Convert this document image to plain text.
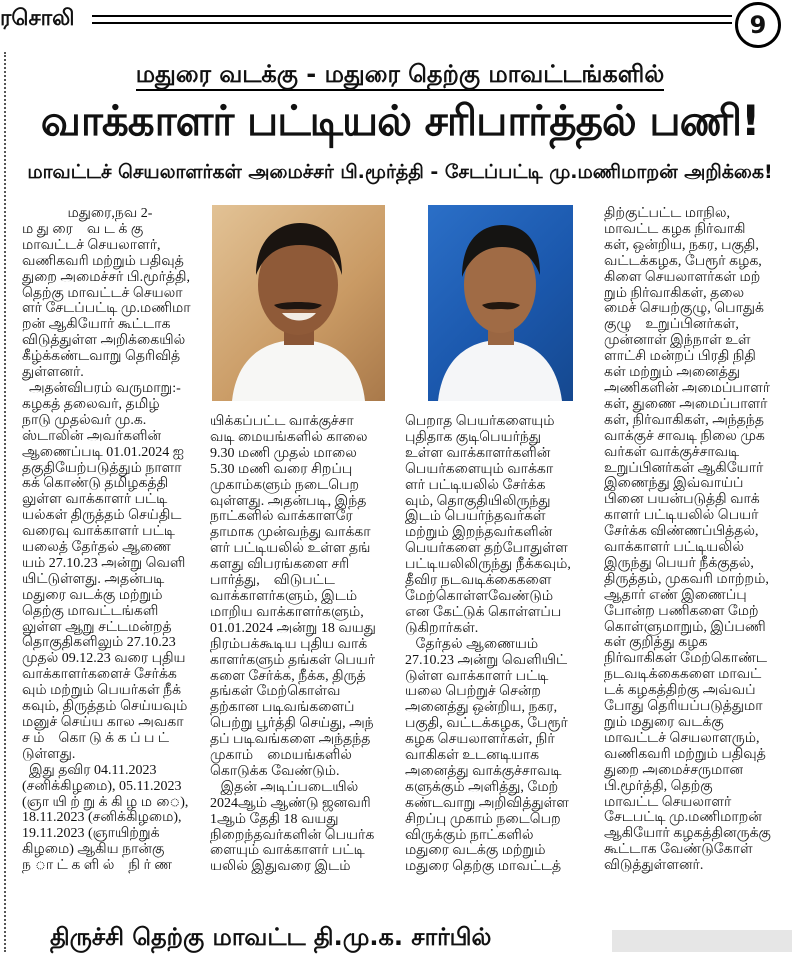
ரசொலி	9
மதுரை வடக்கு - மதுரை தெற்கு மாவட்டங்களில்
வாக்காளர் பட்டியல் சரிபார்த்தல் பணி!
மாவட்டச் செயலாளர்கள் அமைச்சர் பி.மூர்த்தி - சேடப்பட்டி மு.மணிமாறன் அறிக்கை!
மதுரை,நவ 2-
ம து ரை    வ ட க் கு
மாவட்டச் செயலாளர்,
வணிகவரி மற்றும் பதிவுத்
துறை அமைச்சர் பி.மூர்த்தி,
தெற்கு மாவட்டச் செயலா
ளர் சேடப்பட்டி மு.மணிமா
றன் ஆகியோர் கூட்டாக
விடுத்துள்ள அறிக்கையில்
கீழ்க்கண்டவாறு தெரிவித்
துள்ளனர்.
அதன்விபரம் வருமாறு:-
கழகத் தலைவர், தமிழ்
நாடு முதல்வர் மு.க.
ஸ்டாலின் அவர்களின்
ஆணைப்படி 01.01.2024 ஐ
தகுதியேற்படுத்தும் நாளா
கக் கொண்டு தமிழகத்தி
லுள்ள வாக்காளர் பட்டி
யல்கள் திருத்தம் செய்திட
வரைவு வாக்காளர் பட்டி
யலைத் தேர்தல் ஆணை
யம் 27.10.23 அன்று வெளி
யிட்டுள்ளது. அதன்படி
மதுரை வடக்கு மற்றும்
தெற்கு மாவட்டங்களி
லுள்ள ஆறு சட்டமன்றத்
தொகுதிகளிலும் 27.10.23
முதல் 09.12.23 வரை புதிய
வாக்காளர்களைச் சேர்க்க
வும் மற்றும் பெயர்கள் நீக்
கவும், திருத்தம் செய்யவும்
மனுச் செய்ய கால அவகா
ச ம்    கொ டு க் க ப் ப ட்
டுள்ளது.
இது தவிர 04.11.2023
(சனிக்கிழமை), 05.11.2023
(ஞா யி ற் று க் கி ழ ம ை),
18.11.2023 (சனிக்கிழமை),
19.11.2023 (ஞாயிற்றுக்
கிழமை) ஆகிய நான்கு
ந ா ட் க ளி ல்    நி ர் ண
யிக்கப்பட்ட வாக்குச்சா
வடி மையங்களில் காலை
9.30 மணி முதல் மாலை
5.30 மணி வரை சிறப்பு
முகாம்களும் நடைபெற
வுள்ளது. அதன்படி, இந்த
நாட்களில் வாக்காளரே
தாமாக முன்வந்து வாக்கா
ளர் பட்டியலில் உள்ள தங்
களது விபரங்களை சரி
பார்த்து,    விடுபட்ட
வாக்காளர்களும், இடம்
மாறிய வாக்காளர்களும்,
01.01.2024 அன்று 18 வயது
நிரம்பக்கூடிய புதிய வாக்
காளர்களும் தங்கள் பெயர்
களை சேர்க்க, நீக்க, திருத்
தங்கள் மேற்கொள்வ
தற்கான படிவங்களைப்
பெற்று பூர்த்தி செய்து, அந்
தப் படிவங்களை அந்தந்த
முகாம்    மையங்களில்
கொடுக்க வேண்டும்.
இதன் அடிப்படையில்
2024ஆம் ஆண்டு ஜனவரி
1ஆம் தேதி 18 வயது
நிறைந்தவர்களின் பெயர்க
ளையும் வாக்காளர் பட்டி
யலில் இதுவரை இடம்
பெறாத பெயர்களையும்
புதிதாக குடிபெயர்ந்து
உள்ள வாக்காளர்களின்
பெயர்களையும் வாக்கா
ளர் பட்டியலில் சேர்க்க
வும், தொகுதியிலிருந்து
இடம் பெயர்ந்தவர்கள்
மற்றும் இறந்தவர்களின்
பெயர்களை தற்போதுள்ள
பட்டியலிலிருந்து நீக்கவும்,
தீவிர நடவடிக்கைகளை
மேற்கொள்ளவேண்டும்
என கேட்டுக் கொள்ளப்ப
டுகிறார்கள்.
தேர்தல் ஆணையம்
27.10.23 அன்று வெளியிட்
டுள்ள வாக்காளர் பட்டி
யலை பெற்றுச் சென்ற
அனைத்து ஒன்றிய, நகர,
பகுதி, வட்டக்கழக, பேரூர்
கழக செயலாளர்கள், நிர்
வாகிகள் உடனடியாக
அனைத்து வாக்குச்சாவடி
களுக்கும் அளித்து, மேற்
கண்டவாறு அறிவித்துள்ள
சிறப்பு முகாம் நடைபெற
விருக்கும் நாட்களில்
மதுரை வடக்கு மற்றும்
மதுரை தெற்கு மாவட்டத்
திற்குட்பட்ட மாநில,
மாவட்ட கழக நிர்வாகி
கள், ஒன்றிய, நகர, பகுதி,
வட்டக்கழக, பேரூர் கழக,
கிளை செயலாளர்கள் மற்
றும் நிர்வாகிகள், தலை
மைச் செயற்குழு, பொதுக்
குழு    உறுப்பினர்கள்,
முன்னாள் இந்நாள் உள்
ளாட்சி மன்றப் பிரதி நிதி
கள் மற்றும் அனைத்து
அணிகளின் அமைப்பாளர்
கள், துணை அமைப்பாளர்
கள், நிர்வாகிகள், அந்தந்த
வாக்குச் சாவடி நிலை முக
வர்கள் வாக்குச்சாவடி
உறுப்பினர்கள் ஆகியோர்
இணைந்து இவ்வாய்ப்
பினை பயன்படுத்தி வாக்
காளர் பட்டியலில் பெயர்
சேர்க்க விண்ணப்பித்தல்,
வாக்காளர் பட்டியலில்
இருந்து பெயர் நீக்குதல்,
திருத்தம், முகவரி மாற்றம்,
ஆதார் எண் இணைப்பு
போன்ற பணிகளை மேற்
கொள்ளுமாறும், இப்பணி
கள் குறித்து கழக
நிர்வாகிகள் மேற்கொண்ட
நடவடிக்கைகளை மாவட்
டக் கழகத்திற்கு அவ்வப்
போது தெரியப்படுத்துமா
றும் மதுரை வடக்கு
மாவட்டச் செயலாளரும்,
வணிகவரி மற்றும் பதிவுத்
துறை அமைச்சருமான
பி.மூர்த்தி, தெற்கு
மாவட்ட செயலாளர்
சேடபட்டி மு.மணிமாறன்
ஆகியோர் கழகத்தினருக்கு
கூட்டாக வேண்டுகோள்
விடுத்துள்ளனர்.
திருச்சி தெற்கு மாவட்ட தி.மு.க. சார்பில்
